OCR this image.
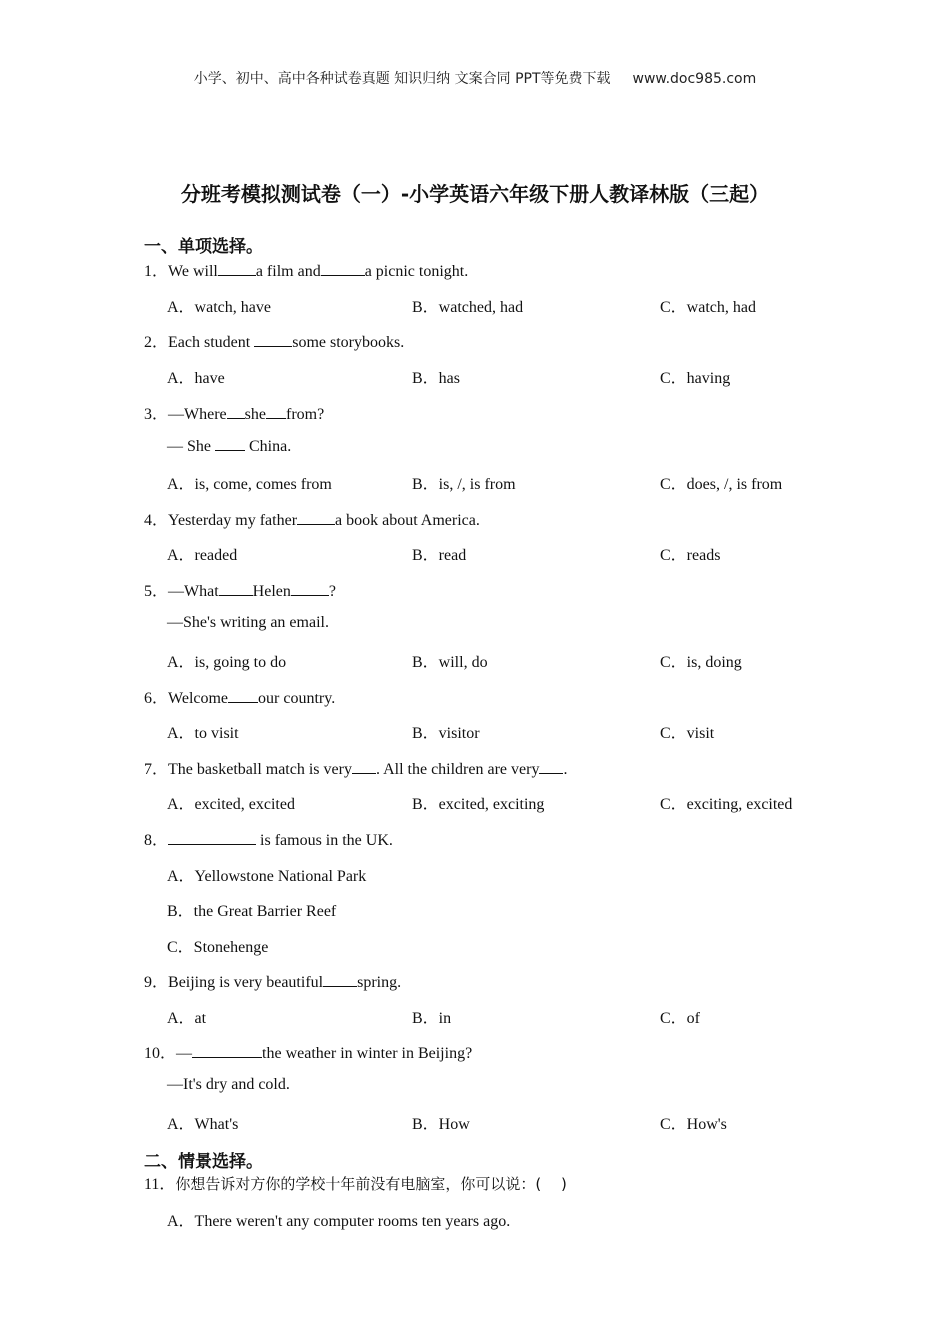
小学、初中、高中各种试卷真题 知识归纳 文案合同 PPT等免费下载 www.doc985.com
分班考模拟测试卷（一）-小学英语六年级下册人教译林版（三起）
一、单项选择。
1．We will a film and	a picnic tonight.
A．watch, have	B．watched, had	C．watch, had
2．Each student some storybooks.
A．have	B．has	C．having
3．—Where she from?
— She  China.
A．is, come, comes from	B．is, /, is from	C．does, /, is from
4．Yesterday my father a book about America.
A．readed	B．read	C．reads
5．—What Helen ?
—She's writing an email.
A．is, going to do	B．will, do	C．is, doing
6．Welcome our country.
A．to visit	B．visitor	C．visit
7．The basketball match is very . All the children are very .
A．excited, excited	B．excited, exciting	C．exciting, excited
8．	is famous in the UK.
A．Yellowstone National Park
B．the Great Barrier Reef
C．Stonehenge
9．Beijing is very beautiful spring.
A．at	B．in	C．of
10．—	the weather in winter in Beijing?
—It's dry and cold.
A．What's	B．How	C．How's
二、情景选择。
11．你想告诉对方你的学校十年前没有电脑室，你可以说：(　 )
A．There weren't any computer rooms ten years ago.
